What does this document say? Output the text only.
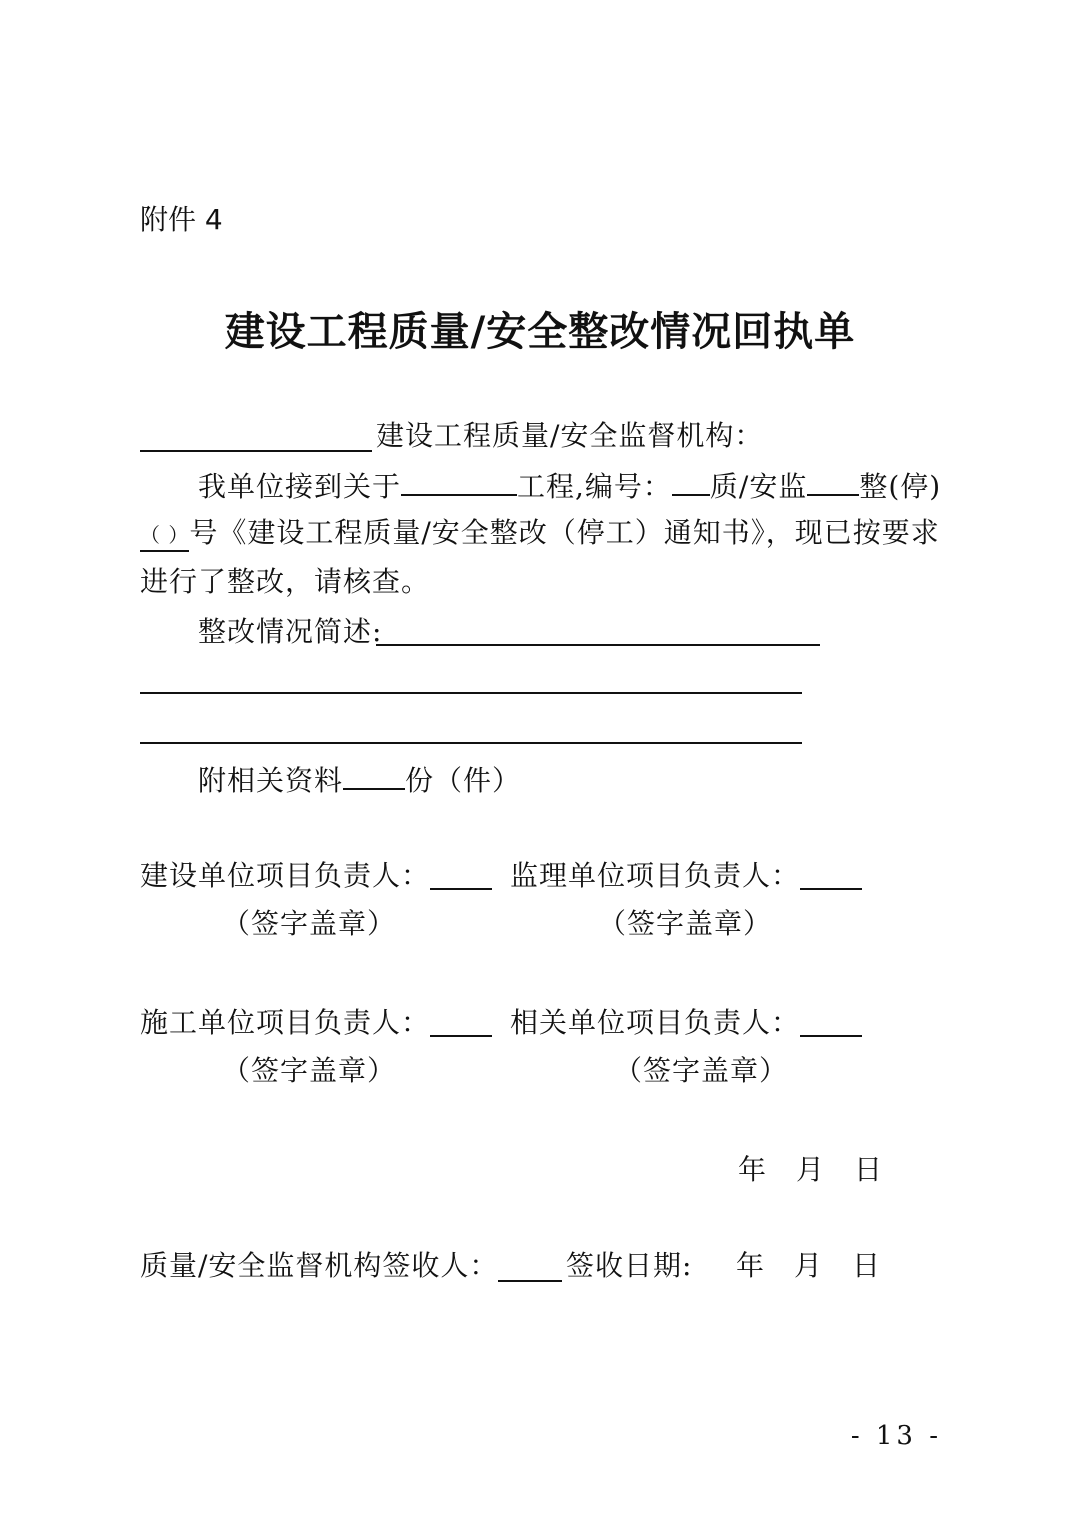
附件 4
建设工程质量/安全整改情况回执单
建设工程质量/安全监督机构：
我单位接到关于	工程,编号： 质/安监 整(停)
（ ）号《建设工程质量/安全整改（停工）通知书》，现已按要求
进行了整改，请核查。
整改情况简述:
附相关资料 份（件）
建设单位项目负责人：	监理单位项目负责人：
（签字盖章）	（签字盖章）
施工单位项目负责人：	相关单位项目负责人：
（签字盖章）	（签字盖章）
年 月 日
质量/安全监督机构签收人： 签收日期: 年 月 日
- 13 -
